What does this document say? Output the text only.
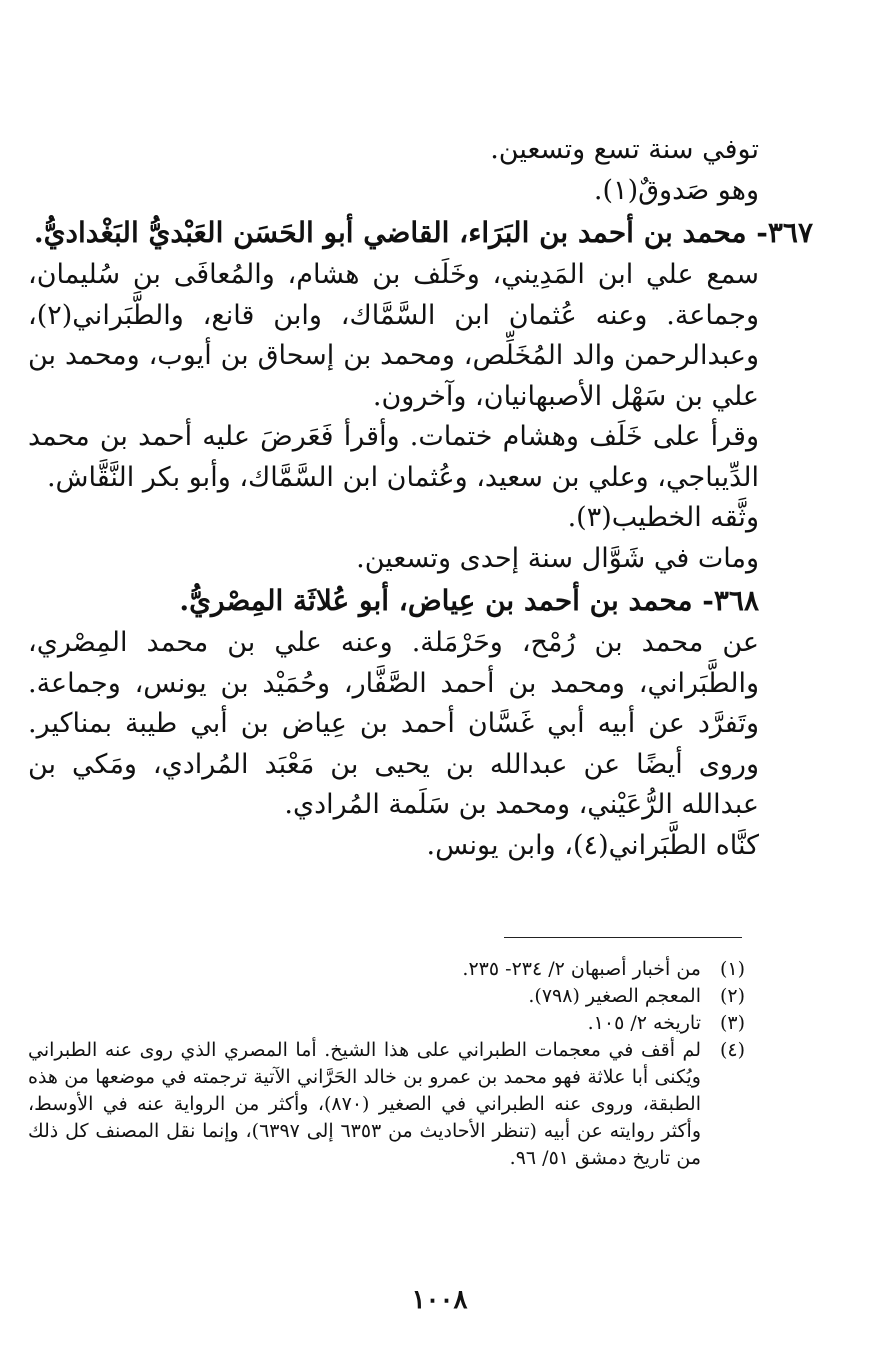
توفي سنة تسع وتسعين.

وهو صَدوقٌ(١).

٣٦٧- محمد بن أحمد بن البَرَاء، القاضي أبو الحَسَن العَبْديُّ البَغْداديُّ.

سمع علي ابن المَدِيني، وخَلَف بن هشام، والمُعافَى بن سُليمان، وجماعة. وعنه عُثمان ابن السَّمَّاك، وابن قانع، والطَّبَراني(٢)، وعبدالرحمن والد المُخَلِّص، ومحمد بن إسحاق بن أيوب، ومحمد بن علي بن سَهْل الأصبهانيان، وآخرون.

وقرأ على خَلَف وهشام ختمات. وأقرأ فَعَرضَ عليه أحمد بن محمد الدِّيباجي، وعلي بن سعيد، وعُثمان ابن السَّمَّاك، وأبو بكر النَّقَّاش.

وثَّقه الخطيب(٣).

ومات في شَوَّال سنة إحدى وتسعين.

٣٦٨- محمد بن أحمد بن عِياض، أبو عُلاثَة المِصْريُّ.

عن محمد بن رُمْح، وحَرْمَلة. وعنه علي بن محمد المِصْري، والطَّبَراني، ومحمد بن أحمد الصَّفَّار، وحُمَيْد بن يونس، وجماعة. وتَفرَّد عن أبيه أبي غَسَّان أحمد بن عِياض بن أبي طيبة بمناكير. وروى أيضًا عن عبدالله بن يحيى بن مَعْبَد المُرادي، ومَكي بن عبدالله الرُّعَيْني، ومحمد بن سَلَمة المُرادي.

كنَّاه الطَّبَراني(٤)، وابن يونس.

(١)
من أخبار أصبهان ٢/ ٢٣٤- ٢٣٥.
(٢)
المعجم الصغير (٧٩٨).
(٣)
تاريخه ٢/ ١٠٥.
(٤)
لم أقف في معجمات الطبراني على هذا الشيخ. أما المصري الذي روى عنه الطبراني ويُكنى أبا علاثة فهو محمد بن عمرو بن خالد الحَرَّاني الآتية ترجمته في موضعها من هذه الطبقة، وروى عنه الطبراني في الصغير (٨٧٠)، وأكثر من الرواية عنه في الأوسط، وأكثر روايته عن أبيه (تنظر الأحاديث من ٦٣٥٣ إلى ٦٣٩٧)، وإنما نقل المصنف كل ذلك من تاريخ دمشق ٥١/ ٩٦.
١٠٠٨
